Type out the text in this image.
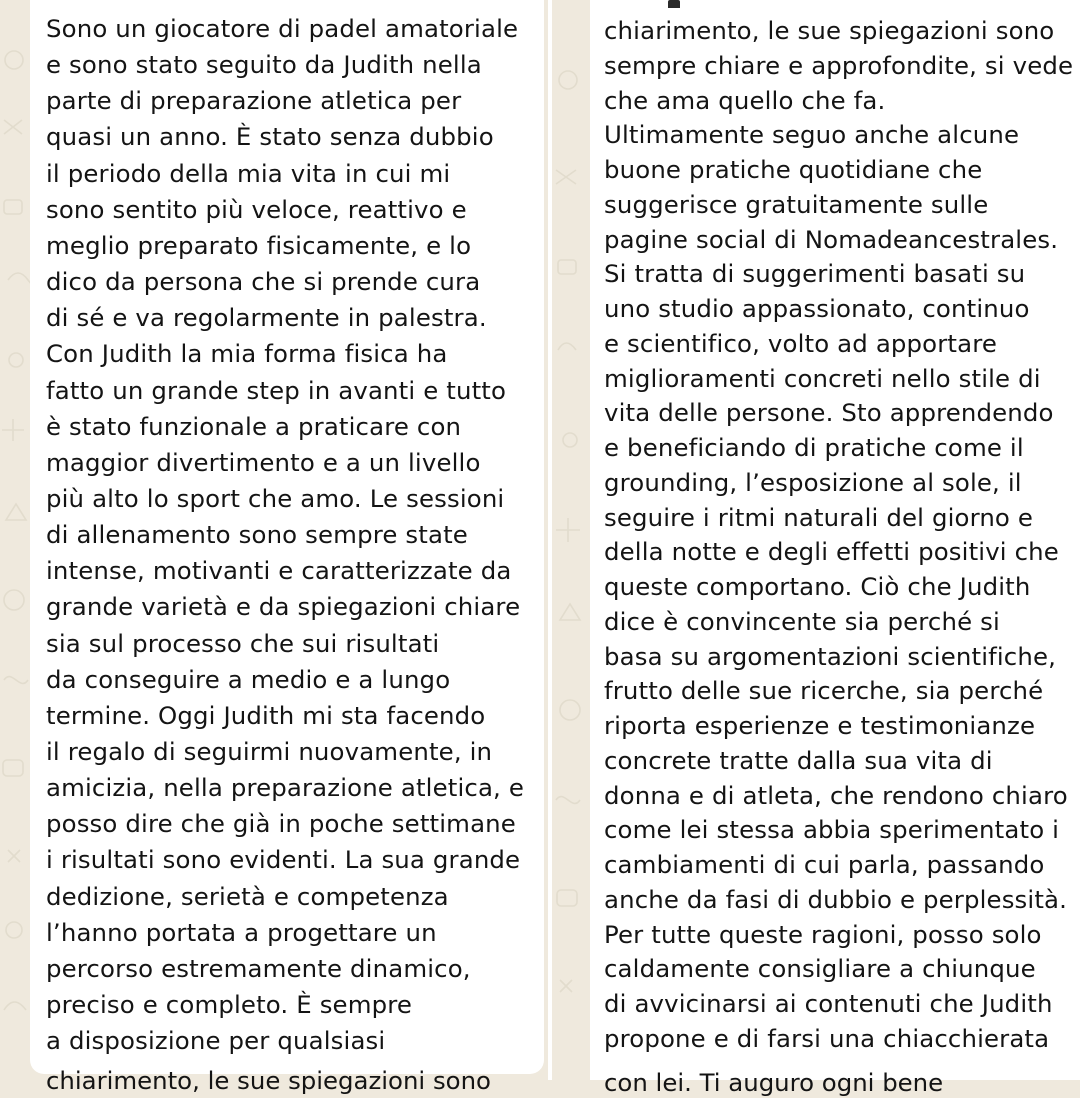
Sono un giocatore di padel amatoriale
e sono stato seguito da Judith nella
parte di preparazione atletica per
quasi un anno. È stato senza dubbio
il periodo della mia vita in cui mi
sono sentito più veloce, reattivo e
meglio preparato fisicamente, e lo
dico da persona che si prende cura
di sé e va regolarmente in palestra.
Con Judith la mia forma fisica ha
fatto un grande step in avanti e tutto
è stato funzionale a praticare con
maggior divertimento e a un livello
più alto lo sport che amo. Le sessioni
di allenamento sono sempre state
intense, motivanti e caratterizzate da
grande varietà e da spiegazioni chiare
sia sul processo che sui risultati
da conseguire a medio e a lungo
termine. Oggi Judith mi sta facendo
il regalo di seguirmi nuovamente, in
amicizia, nella preparazione atletica, e
posso dire che già in poche settimane
i risultati sono evidenti. La sua grande
dedizione, serietà e competenza
l’hanno portata a progettare un
percorso estremamente dinamico,
preciso e completo. È sempre
a disposizione per qualsiasi
chiarimento, le sue spiegazioni sono
chiarimento, le sue spiegazioni sono
sempre chiare e approfondite, si vede
che ama quello che fa.
Ultimamente seguo anche alcune
buone pratiche quotidiane che
suggerisce gratuitamente sulle
pagine social di Nomadeancestrales.
Si tratta di suggerimenti basati su
uno studio appassionato, continuo
e scientifico, volto ad apportare
miglioramenti concreti nello stile di
vita delle persone. Sto apprendendo
e beneficiando di pratiche come il
grounding, l’esposizione al sole, il
seguire i ritmi naturali del giorno e
della notte e degli effetti positivi che
queste comportano. Ciò che Judith
dice è convincente sia perché si
basa su argomentazioni scientifiche,
frutto delle sue ricerche, sia perché
riporta esperienze e testimonianze
concrete tratte dalla sua vita di
donna e di atleta, che rendono chiaro
come lei stessa abbia sperimentato i
cambiamenti di cui parla, passando
anche da fasi di dubbio e perplessità.
Per tutte queste ragioni, posso solo
caldamente consigliare a chiunque
di avvicinarsi ai contenuti che Judith
propone e di farsi una chiacchierata
con lei. Ti auguro ogni bene
